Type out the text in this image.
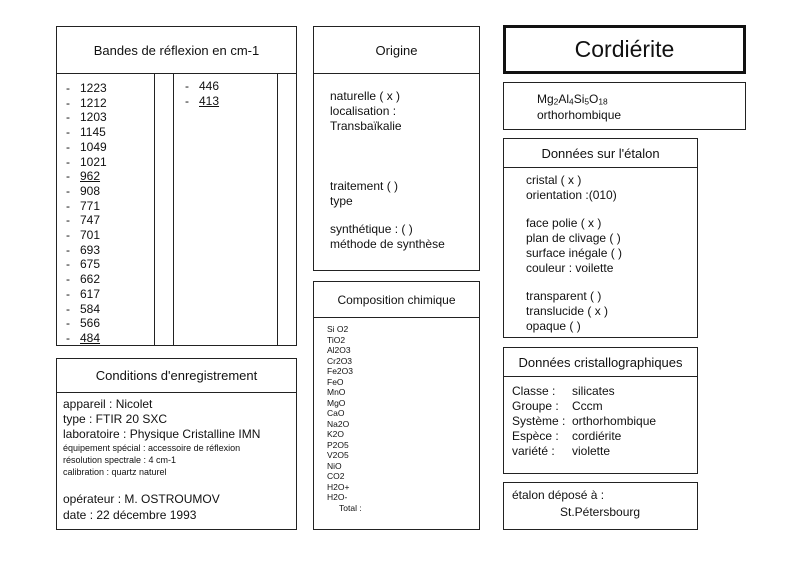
Bandes de réflexion en cm-1
-   1223
-   1212
-   1203
-   1145
-   1049
-   1021
-   962
-   908
-   771
-   747
-   701
-   693
-   675
-   662
-   617
-   584
-   566
-   484
-   446
-   413
Origine
naturelle ( x )
localisation :
Transbaïkalie
traitement ( )
type
synthétique : ( )
méthode de synthèse
Cordiérite
$Mg_2Al_4Si_5O_{18}$
orthorhombique
Données sur l'étalon
cristal ( x )
orientation :(010)
face polie ( x )
plan de clivage ( )
surface inégale ( )
couleur : voilette
transparent ( )
translucide ( x )
opaque ( )
Composition chimique
Si O2
TiO2
Al2O3
Cr2O3
Fe2O3
FeO
MnO
MgO
CaO
Na2O
K2O
P2O5
V2O5
NiO
CO2
H2O+
H2O-
Total :
Conditions d'enregistrement
appareil : Nicolet
type : FTIR 20 SXC
laboratoire : Physique Cristalline IMN
équipement spécial : accessoire de réflexion
résolution spectrale : 4 cm-1
calibration : quartz naturel
opérateur : M. OSTROUMOV
date : 22 décembre 1993
Données cristallographiques
Classe : silicates
Groupe : Cccm
Système : orthorhombique
Espèce : cordiérite
variété : violette
étalon déposé à :
St.Pétersbourg
